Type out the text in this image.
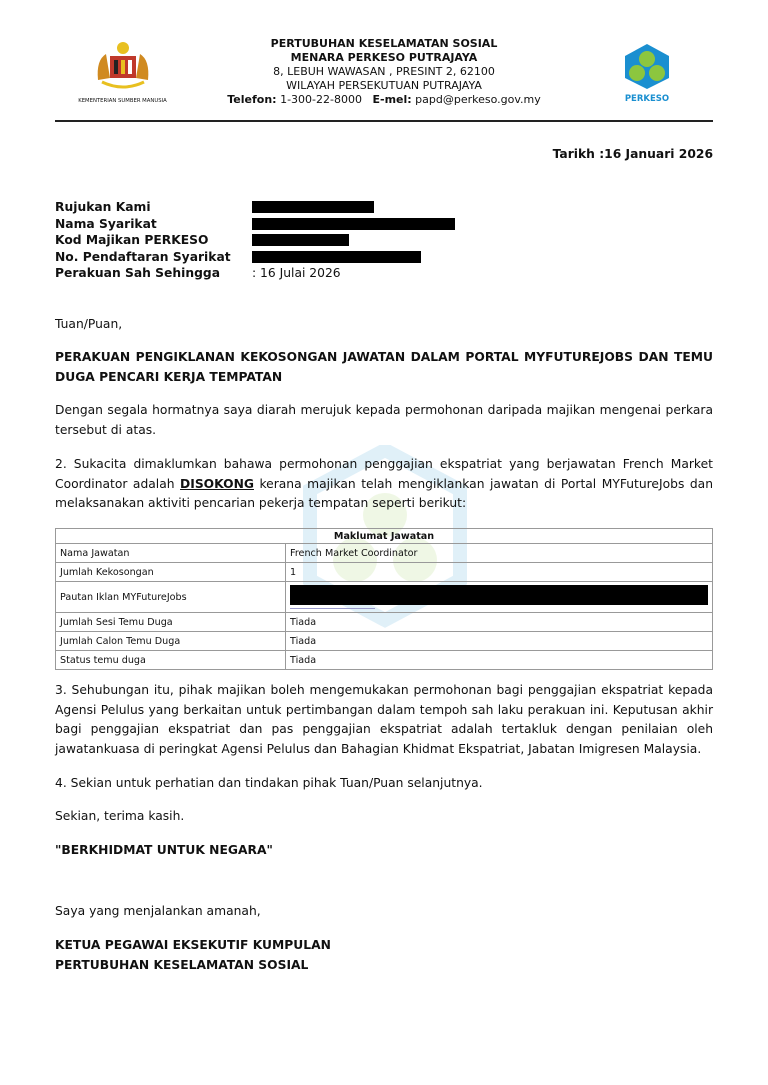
KEMENTERIAN SUMBER MANUSIA
PERTUBUHAN KESELAMATAN SOSIAL
MENARA PERKESO PUTRAJAYA
8, LEBUH WAWASAN , PRESINT 2, 62100
WILAYAH PERSEKUTUAN PUTRAJAYA
Telefon: 1-300-22-8000 E-mel: papd@perkeso.gov.my	PERKESO
Tarikh :16 Januari 2026
Rujukan Kami
Nama Syarikat
Kod Majikan PERKESO
No. Pendaftaran Syarikat
Perakuan Sah Sehingga	: 16 Julai 2026
Tuan/Puan,
PERAKUAN PENGIKLANAN KEKOSONGAN JAWATAN DALAM PORTAL MYFUTUREJOBS DAN TEMU DUGA PENCARI KERJA TEMPATAN
Dengan segala hormatnya saya diarah merujuk kepada permohonan daripada majikan mengenai perkara tersebut di atas.
2. Sukacita dimaklumkan bahawa permohonan penggajian ekspatriat yang berjawatan French Market Coordinator adalah DISOKONG kerana majikan telah mengiklankan jawatan di Portal MYFutureJobs dan melaksanakan aktiviti pencarian pekerja tempatan seperti berikut:
Maklumat Jawatan	
Nama Jawatan	French Market Coordinator
Jumlah Kekosongan	1
Pautan Iklan MYFutureJobs	

Jumlah Sesi Temu Duga	Tiada
Jumlah Calon Temu Duga	Tiada
Status temu duga	Tiada
3. Sehubungan itu, pihak majikan boleh mengemukakan permohonan bagi penggajian ekspatriat kepada Agensi Pelulus yang berkaitan untuk pertimbangan dalam tempoh sah laku perakuan ini. Keputusan akhir bagi penggajian ekspatriat dan pas penggajian ekspatriat adalah tertakluk dengan penilaian oleh jawatankuasa di peringkat Agensi Pelulus dan Bahagian Khidmat Ekspatriat, Jabatan Imigresen Malaysia.
4. Sekian untuk perhatian dan tindakan pihak Tuan/Puan selanjutnya.
Sekian, terima kasih.
"BERKHIDMAT UNTUK NEGARA"
Saya yang menjalankan amanah,
KETUA PEGAWAI EKSEKUTIF KUMPULAN
PERTUBUHAN KESELAMATAN SOSIAL
